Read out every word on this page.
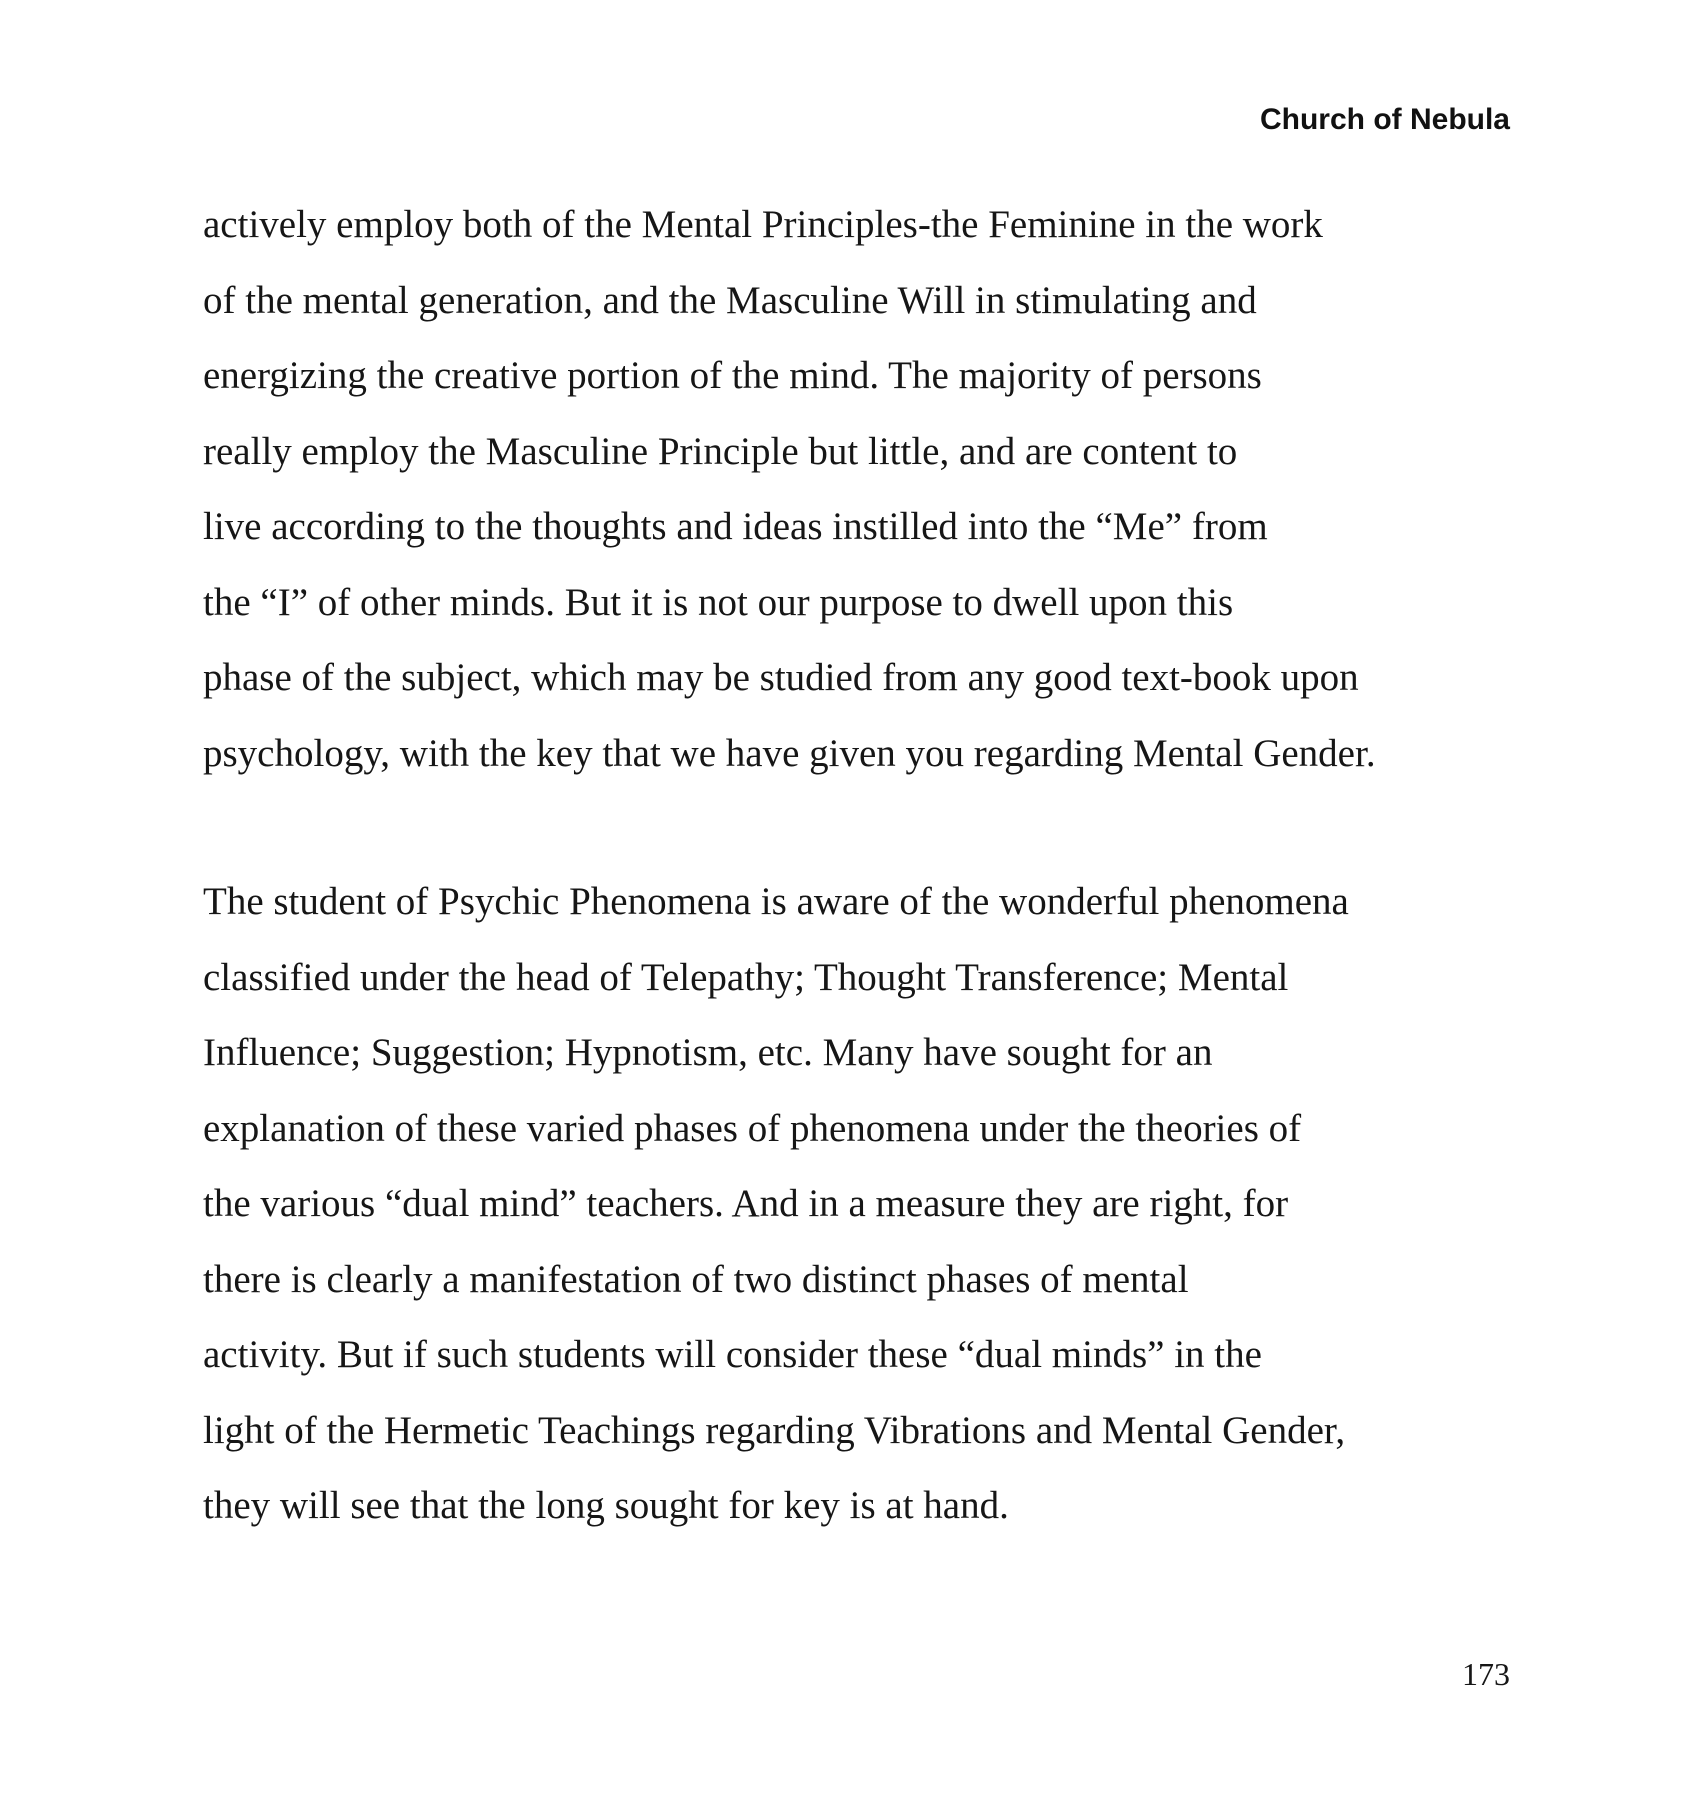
Church of Nebula
actively employ both of the Mental Principles-the Feminine in the work
of the mental generation, and the Masculine Will in stimulating and
energizing the creative portion of the mind. The majority of persons
really employ the Masculine Principle but little, and are content to
live according to the thoughts and ideas instilled into the “Me” from
the “I” of other minds. But it is not our purpose to dwell upon this
phase of the subject, which may be studied from any good text-book upon
psychology, with the key that we have given you regarding Mental Gender.
The student of Psychic Phenomena is aware of the wonderful phenomena
classified under the head of Telepathy; Thought Transference; Mental
Influence; Suggestion; Hypnotism, etc. Many have sought for an
explanation of these varied phases of phenomena under the theories of
the various “dual mind” teachers. And in a measure they are right, for
there is clearly a manifestation of two distinct phases of mental
activity. But if such students will consider these “dual minds” in the
light of the Hermetic Teachings regarding Vibrations and Mental Gender,
they will see that the long sought for key is at hand.
173
